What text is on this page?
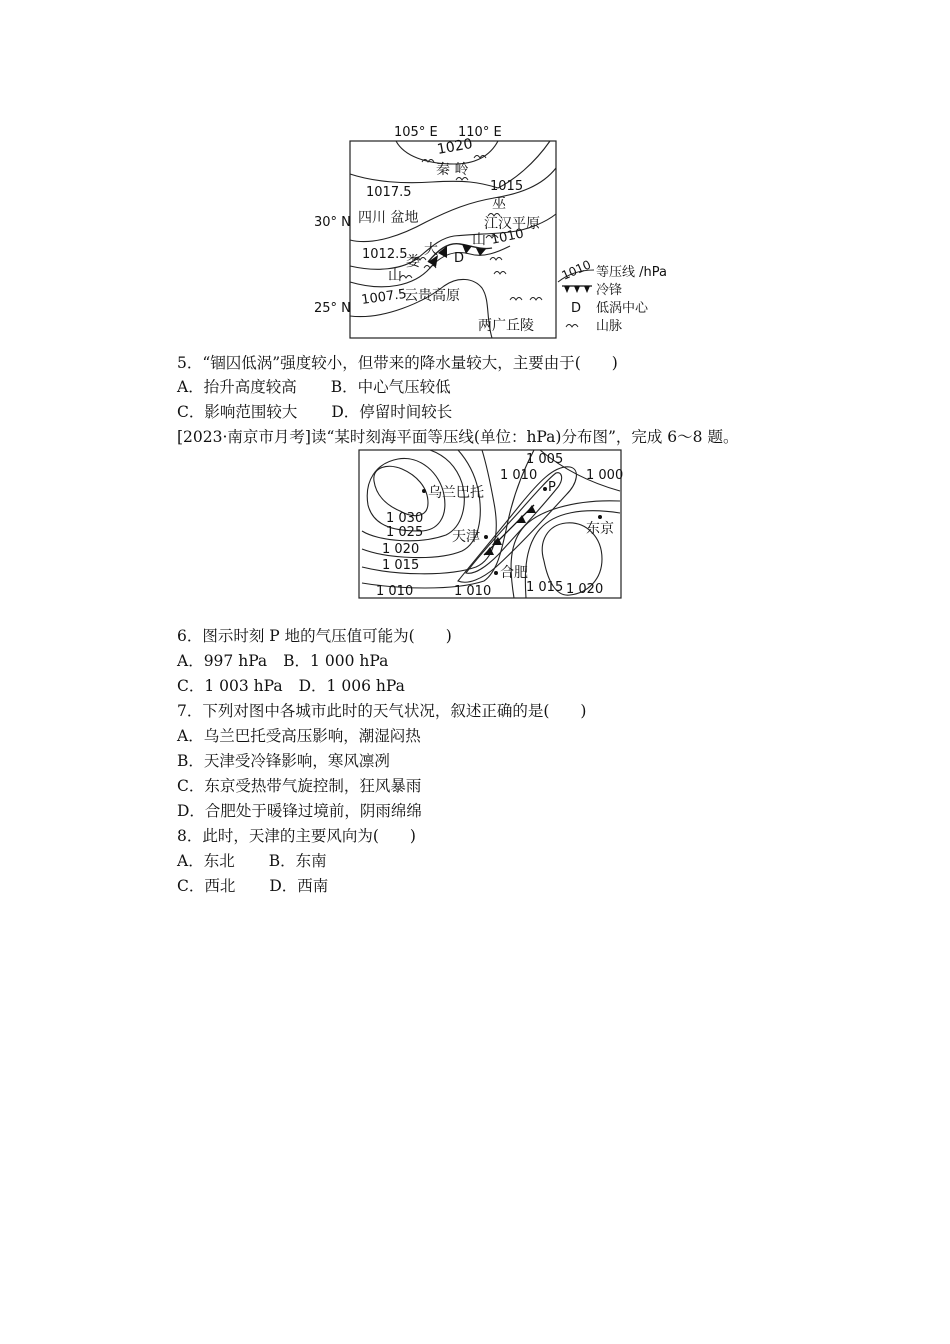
105° E 110° E
30° N
25° N
1020
1017.5	1015
1012.5
1010
1007.5
秦 岭
四川 盆地
巫
江汉平原
山
大
娄
山
D
云贵高原
两广丘陵
1010 等压线 /hPa
冷锋
D 低涡中心
山脉
5．“锢囚低涡”强度较小，但带来的降水量较大，主要由于(　　)
A．抬升高度较高 B．中心气压较低
C．影响范围较大 D．停留时间较长
[2023·南京市月考]读“某时刻海平面等压线(单位：hPa)分布图”，完成 6～8 题。
1 005
1 010	1 000
1 030
1 025
1 020
1 015
1 010	1 010	1 015 1 020
乌兰巴托
天津
合肥
东京
P
6．图示时刻 P 地的气压值可能为(　　)
A．997 hPa B．1 000 hPa
C．1 003 hPa D．1 006 hPa
7．下列对图中各城市此时的天气状况，叙述正确的是(　　)
A．乌兰巴托受高压影响，潮湿闷热
B．天津受冷锋影响，寒风凛冽
C．东京受热带气旋控制，狂风暴雨
D．合肥处于暖锋过境前，阴雨绵绵
8．此时，天津的主要风向为(　　)
A．东北 B．东南
C．西北 D．西南
